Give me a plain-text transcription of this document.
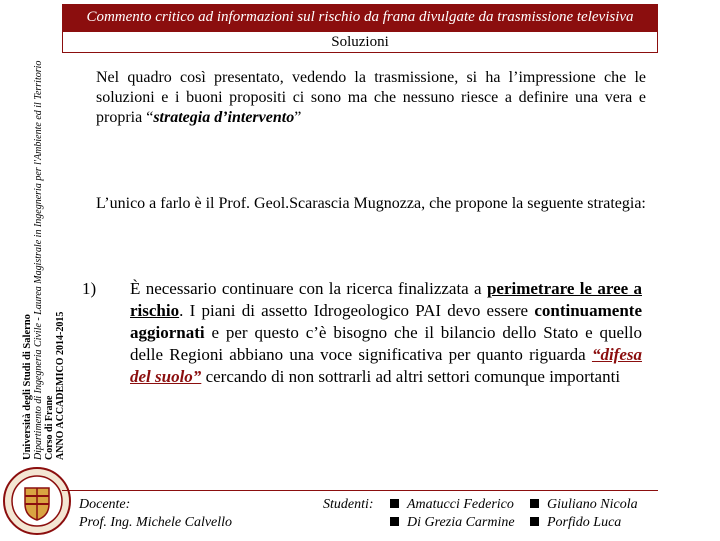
Università degli Studi di Salerno Dipartimento di Ingegneria Civile - Laurea Magistrale in Ingegneria per l'Ambiente ed il Territorio Corso di Frane ANNO ACCADEMICO 2014-2015
Commento critico ad informazioni sul rischio da frana divulgate da trasmissione televisiva
Soluzioni
Nel quadro così presentato, vedendo la trasmissione, si ha l’impressione che le soluzioni e i buoni propositi ci sono ma che nessuno riesce a definire una vera e propria “strategia d’intervento”
L’unico a farlo è il Prof. Geol.Scarascia Mugnozza, che propone la seguente strategia:
1) È necessario continuare con la ricerca finalizzata a perimetrare le aree a rischio. I piani di assetto Idrogeologico PAI devo essere continuamente aggiornati e per questo c’è bisogno che il bilancio dello Stato e quello delle Regioni abbiano una voce significativa per quanto riguarda “difesa del suolo” cercando di non sottrarli ad altri settori comunque importanti
Docente:
Prof. Ing. Michele Calvello
Studenti:	Amatucci Federico	Giuliano Nicola
Di Grezia Carmine	Porfido Luca
